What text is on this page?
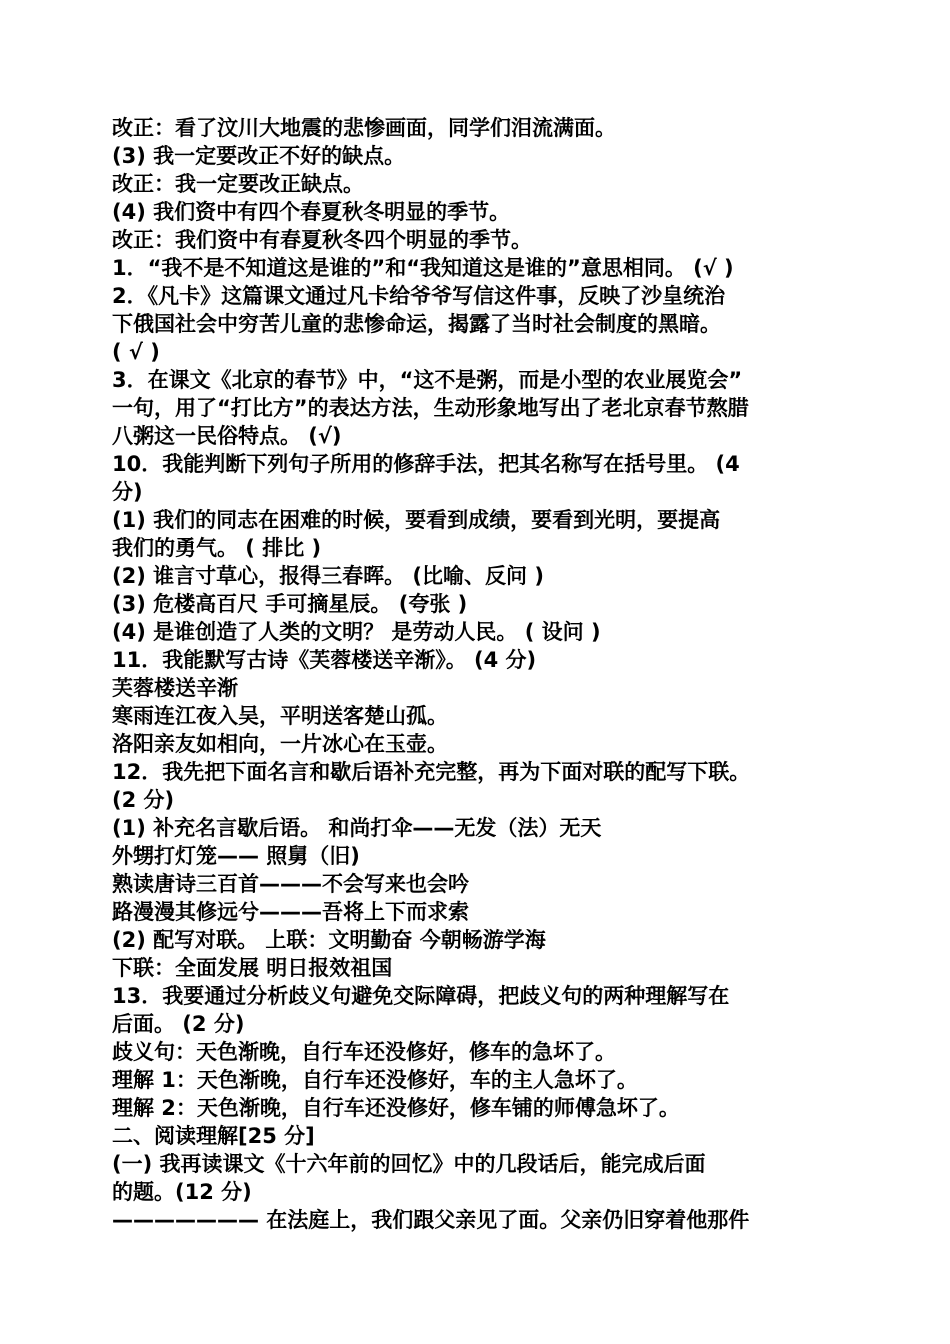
改正：看了汶川大地震的悲惨画面，同学们泪流满面。
(3) 我一定要改正不好的缺点。
改正：我一定要改正缺点。
(4) 我们资中有四个春夏秋冬明显的季节。
改正：我们资中有春夏秋冬四个明显的季节。
1．“我不是不知道这是谁的”和“我知道这是谁的”意思相同。 (√ )
2．《凡卡》这篇课文通过凡卡给爷爷写信这件事，反映了沙皇统治
下俄国社会中穷苦儿童的悲惨命运，揭露了当时社会制度的黑暗。
( √ )
3．在课文《北京的春节》中，“这不是粥，而是小型的农业展览会”
一句，用了“打比方”的表达方法，生动形象地写出了老北京春节熬腊
八粥这一民俗特点。 (√)
10．我能判断下列句子所用的修辞手法，把其名称写在括号里。 (4
分)
(1) 我们的同志在困难的时候，要看到成绩，要看到光明，要提高
我们的勇气。 ( 排比 )
(2) 谁言寸草心，报得三春晖。 (比喻、反问 )
(3) 危楼高百尺 手可摘星辰。 (夸张 )
(4) 是谁创造了人类的文明？ 是劳动人民。 ( 设问 )
11．我能默写古诗《芙蓉楼送辛渐》。 (4 分)
芙蓉楼送辛渐
寒雨连江夜入吴，平明送客楚山孤。
洛阳亲友如相向，一片冰心在玉壶。
12．我先把下面名言和歇后语补充完整，再为下面对联的配写下联。
(2 分)
(1) 补充名言歇后语。 和尚打伞——无发（法）无天
外甥打灯笼—— 照舅（旧)
熟读唐诗三百首———不会写来也会吟
路漫漫其修远兮———吾将上下而求索
(2) 配写对联。 上联：文明勤奋 今朝畅游学海
下联：全面发展 明日报效祖国
13．我要通过分析歧义句避免交际障碍，把歧义句的两种理解写在
后面。 (2 分)
歧义句：天色渐晚，自行车还没修好，修车的急坏了。
理解 1：天色渐晚，自行车还没修好，车的主人急坏了。
理解 2：天色渐晚，自行车还没修好，修车铺的师傅急坏了。
二、阅读理解[25 分]
(一) 我再读课文《十六年前的回忆》中的几段话后，能完成后面
的题。(12 分)
——————— 在法庭上，我们跟父亲见了面。父亲仍旧穿着他那件
